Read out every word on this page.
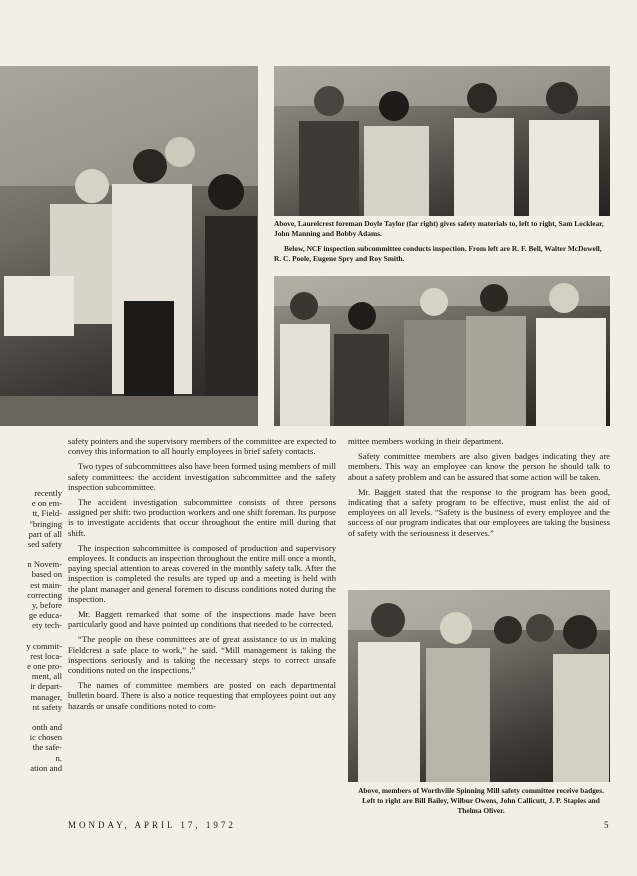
Above, Laurelcrest foreman Doyle Taylor (far right) gives safety materials to, left to right, Sam Locklear, John Manning and Bobby Adams.

Below, NCF inspection subcommittee conducts inspection. From left are R. F. Bell, Walter McDowell, R. C. Poole, Eugene Spry and Roy Smith.

recently
e on em-
tt, Field-
"bringing
part of all
sed safety
n Novem-
based on
est main-
correcting
y, before
ge educa-
ety tech-
y commit-
rest loca-
e one pro-
ment, all
ir depart-
manager,
nt safety
onth and
ic chosen
the safe-
n.
ation and

safety pointers and the supervisory members of the committee are expected to convey this information to all hourly employees in brief safety contacts.

Two types of subcommittees also have been formed using members of mill safety committees: the accident investigation subcommittee and the safety inspection subcommittee.

The accident investigation subcommittee consists of three persons assigned per shift: two production workers and one shift foreman. Its purpose is to investigate accidents that occur throughout the entire mill during that shift.

The inspection subcommittee is composed of production and supervisory employees. It conducts an inspection throughout the entire mill once a month, paying special attention to areas covered in the monthly safety talk. After the inspection is completed the results are typed up and a meeting is held with the plant manager and general foremen to discuss conditions noted during the inspection.

Mr. Baggett remarked that some of the inspections made have been particularly good and have pointed up conditions that needed to be corrected.

“The people on these committees are of great assistance to us in making Fieldcrest a safe place to work,” he said. “Mill management is taking the inspections seriously and is taking the necessary steps to correct unsafe conditions noted on the inspections.”

The names of committee members are posted on each departmental bulletin board. There is also a notice requesting that employees point out any hazards or unsafe conditions noted to com-

mittee members working in their department.

Safety committee members are also given badges indicating they are members. This way an employee can know the person he should talk to about a safety problem and can be assured that some action will be taken.

Mr. Baggett stated that the response to the program has been good, indicating that a safety program to be effective, must enlist the aid of employees on all levels. “Safety is the business of every employee and the success of our program indicates that our employees are taking the business of safety with the seriousness it deserves.”

Above, members of Worthville Spinning Mill safety committee receive badges. Left to right are Bill Bailey, Wilbur Owens, John Callicutt, J. P. Staples and Thelma Oliver.

MONDAY, APRIL 17, 1972	5
